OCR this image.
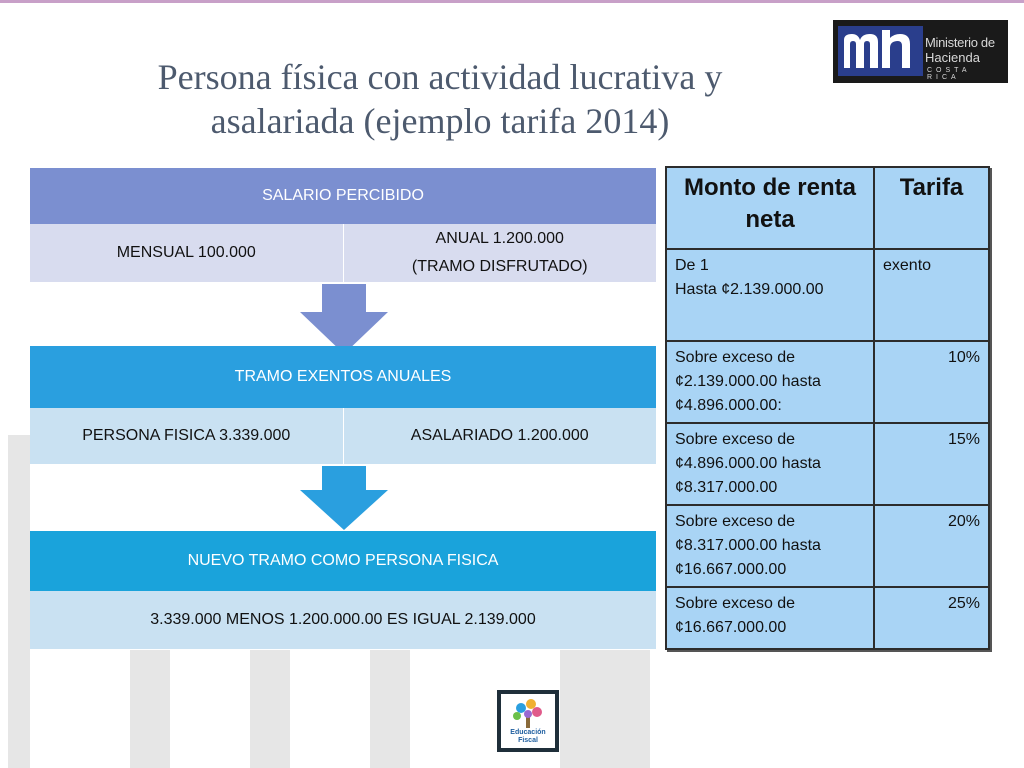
Persona física con actividad lucrativa y
asalariada (ejemplo tarifa 2014)
Ministerio de
Hacienda
COSTA RICA
SALARIO PERCIBIDO
MENSUAL 100.000
ANUAL 1.200.000
(TRAMO DISFRUTADO)
TRAMO EXENTOS ANUALES
PERSONA FISICA 3.339.000	ASALARIADO 1.200.000
NUEVO TRAMO COMO PERSONA FISICA
3.339.000 MENOS 1.200.000.00 ES IGUAL 2.139.000
Monto de renta neta	Tarifa

De 1
Hasta ¢2.139.000.00	exento

Sobre exceso de
¢2.139.000.00 hasta
¢4.896.000.00:	10%

Sobre exceso de
¢4.896.000.00 hasta
¢8.317.000.00	15%

Sobre exceso de
¢8.317.000.00 hasta
¢16.667.000.00	20%

Sobre exceso de
¢16.667.000.00	25%
Educación
Fiscal
